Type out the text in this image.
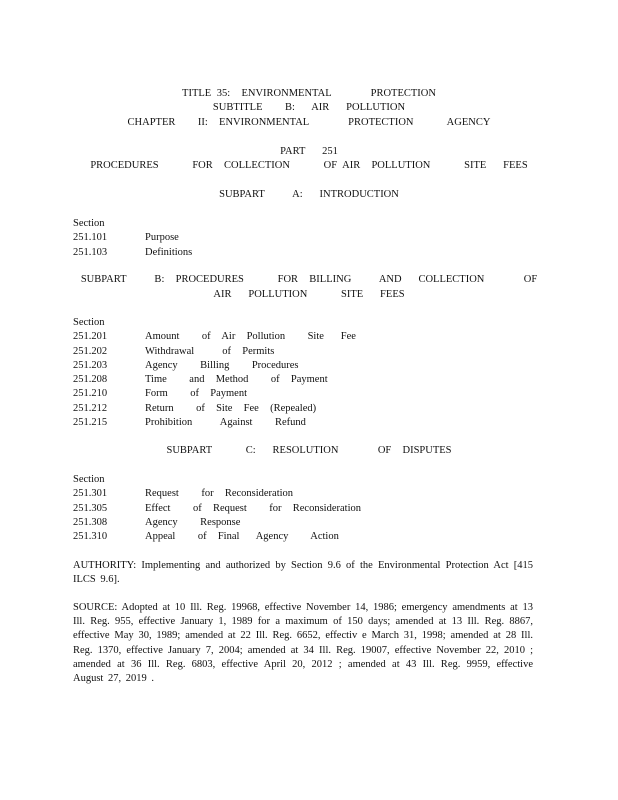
TITLE 35:  ENVIRONMENTAL       PROTECTION
SUBTITLE    B:   AIR   POLLUTION
CHAPTER    II:  ENVIRONMENTAL       PROTECTION      AGENCY
PART   251
PROCEDURES      FOR  COLLECTION      OF AIR  POLLUTION      SITE   FEES
SUBPART     A:   INTRODUCTION
Section
251.101	Purpose
251.103	Definitions
SUBPART     B:  PROCEDURES      FOR  BILLING     AND   COLLECTION       OF
AIR   POLLUTION      SITE   FEES
Section
251.201	Amount    of  Air  Pollution    Site   Fee
251.202	Withdrawal     of  Permits
251.203	Agency    Billing    Procedures
251.208	Time    and  Method    of  Payment
251.210	Form    of  Payment
251.212	Return    of  Site  Fee  (Repealed)
251.215	Prohibition     Against    Refund
SUBPART      C:   RESOLUTION       OF  DISPUTES
Section
251.301	Request    for  Reconsideration
251.305	Effect    of  Request    for  Reconsideration
251.308	Agency    Response
251.310	Appeal    of  Final   Agency    Action
AUTHORITY: Implementing and authorized by Section 9.6 of the Environmental Protection Act [415 ILCS 9.6].
SOURCE: Adopted at 10 Ill. Reg. 19968, effective November 14, 1986; emergency amendments at 13 Ill. Reg. 955, effective January 1, 1989 for a maximum of 150 days; amended at 13 Ill. Reg. 8867, effective May 30, 1989; amended at 22 Ill. Reg. 6652, effectiv e March 31, 1998; amended at 28 Ill. Reg. 1370, effective January 7, 2004; amended at 34 Ill. Reg. 19007, effective November 22, 2010 ; amended at 36 Ill. Reg. 6803, effective April 20, 2012 ; amended at 43 Ill. Reg. 9959, effective August 27, 2019 .
